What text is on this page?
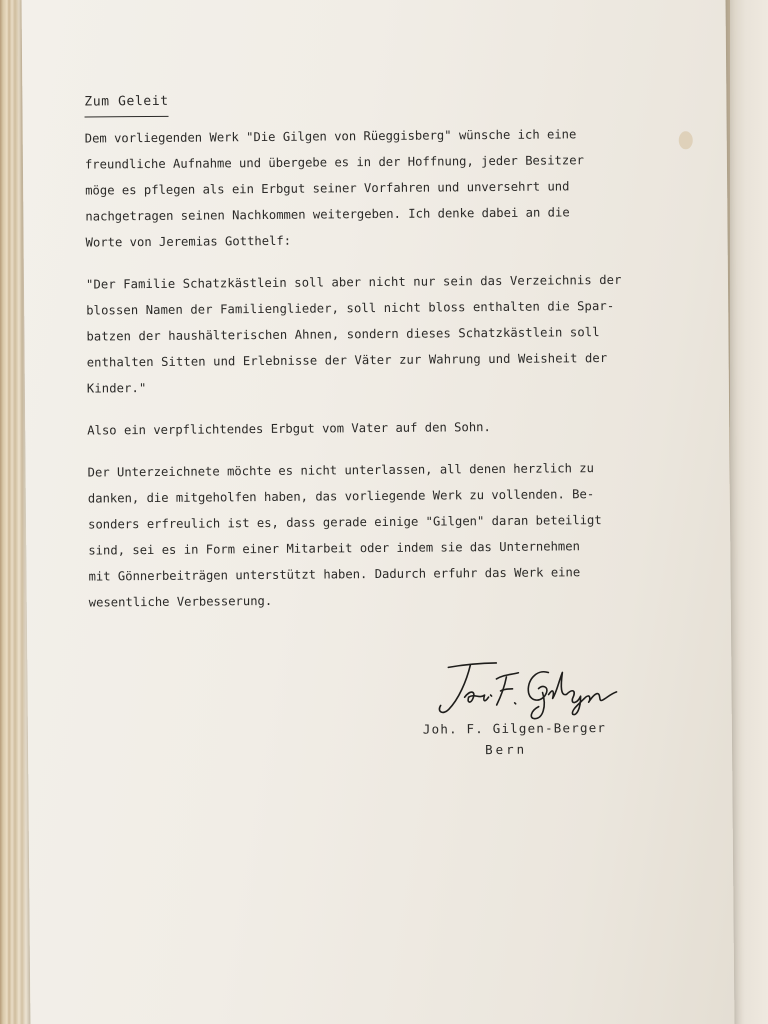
Zum Geleit
Dem vorliegenden Werk "Die Gilgen von Rüeggisberg" wünsche ich eine
freundliche Aufnahme und übergebe es in der Hoffnung, jeder Besitzer
möge es pflegen als ein Erbgut seiner Vorfahren und unversehrt und
nachgetragen seinen Nachkommen weitergeben. Ich denke dabei an die
Worte von Jeremias Gotthelf:
"Der Familie Schatzkästlein soll aber nicht nur sein das Verzeichnis der
blossen Namen der Familienglieder, soll nicht bloss enthalten die Spar-
batzen der haushälterischen Ahnen, sondern dieses Schatzkästlein soll
enthalten Sitten und Erlebnisse der Väter zur Wahrung und Weisheit der
Kinder."
Also ein verpflichtendes Erbgut vom Vater auf den Sohn.
Der Unterzeichnete möchte es nicht unterlassen, all denen herzlich zu
danken, die mitgeholfen haben, das vorliegende Werk zu vollenden. Be-
sonders erfreulich ist es, dass gerade einige "Gilgen" daran beteiligt
sind, sei es in Form einer Mitarbeit oder indem sie das Unternehmen
mit Gönnerbeiträgen unterstützt haben. Dadurch erfuhr das Werk eine
wesentliche Verbesserung.
Joh. F. Gilgen-Berger
Bern
